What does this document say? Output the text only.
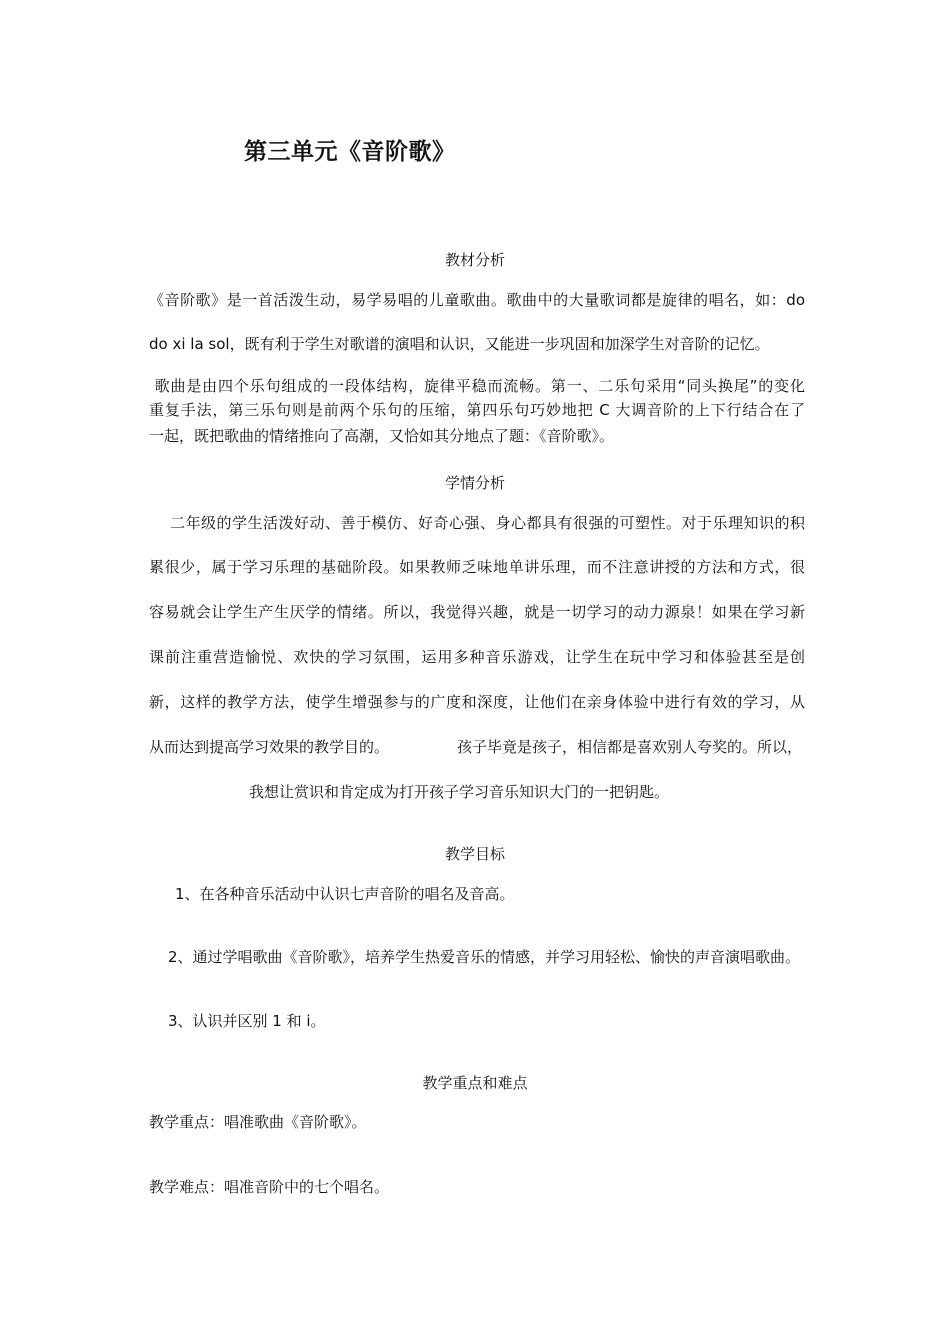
第三单元《音阶歌》
教材分析

《音阶歌》是一首活泼生动，易学易唱的儿童歌曲。歌曲中的大量歌词都是旋律的唱名，如：do

do xi la sol，既有利于学生对歌谱的演唱和认识，又能进一步巩固和加深学生对音阶的记忆。

歌曲是由四个乐句组成的一段体结构，旋律平稳而流畅。第一、二乐句采用“同头换尾”的变化

重复手法，第三乐句则是前两个乐句的压缩，第四乐句巧妙地把 C 大调音阶的上下行结合在了

一起，既把歌曲的情绪推向了高潮，又恰如其分地点了题：《音阶歌》。

学情分析

二年级的学生活泼好动、善于模仿、好奇心强、身心都具有很强的可塑性。对于乐理知识的积

累很少，属于学习乐理的基础阶段。如果教师乏味地单讲乐理，而不注意讲授的方法和方式，很

容易就会让学生产生厌学的情绪。所以，我觉得兴趣，就是一切学习的动力源泉！如果在学习新

课前注重营造愉悦、欢快的学习氛围，运用多种音乐游戏，让学生在玩中学习和体验甚至是创

新，这样的教学方法，使学生增强参与的广度和深度，让他们在亲身体验中进行有效的学习，从

从而达到提高学习效果的教学目的。	孩子毕竟是孩子，相信都是喜欢别人夸奖的。所以，

我想让赏识和肯定成为打开孩子学习音乐知识大门的一把钥匙。

教学目标

1、在各种音乐活动中认识七声音阶的唱名及音高。

2、通过学唱歌曲《音阶歌》，培养学生热爱音乐的情感，并学习用轻松、愉快的声音演唱歌曲。

3、认识并区别 1 和 i。

教学重点和难点

教学重点：唱准歌曲《音阶歌》。

教学难点：唱准音阶中的七个唱名。
